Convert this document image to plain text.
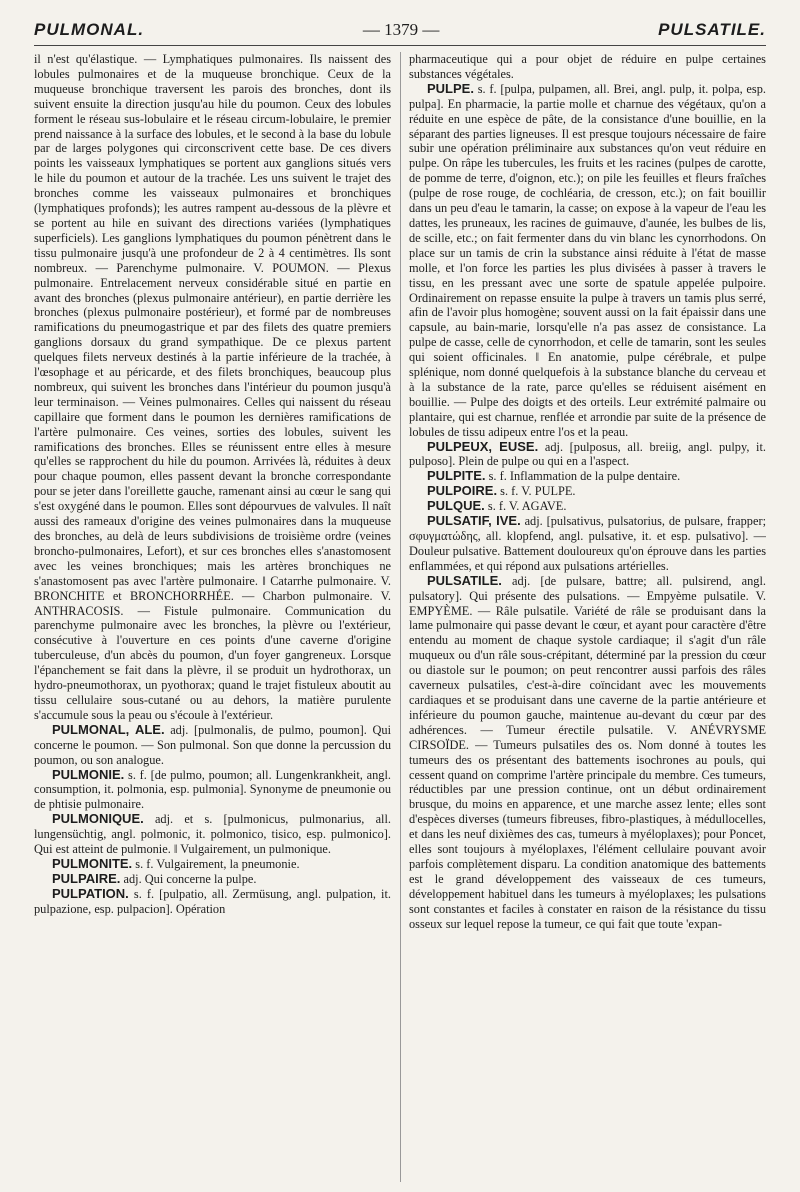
PULMONAL.	— 1379 —	PULSATILE.

il n'est qu'élastique. — Lymphatiques pulmonaires. Ils naissent des lobules pulmonaires et de la muqueuse bronchique. Ceux de la muqueuse bronchique traversent les parois des bronches, dont ils suivent ensuite la direction jusqu'au hile du poumon. Ceux des lobules forment le réseau sus-lobulaire et le réseau circum-lobulaire, le premier prend naissance à la surface des lobules, et le second à la base du lobule par de larges polygones qui circonscrivent cette base. De ces divers points les vaisseaux lymphatiques se portent aux ganglions situés vers le hile du poumon et autour de la trachée. Les uns suivent le trajet des bronches comme les vaisseaux pulmonaires et bronchiques (lymphatiques profonds); les autres rampent au-dessous de la plèvre et se portent au hile en suivant des directions variées (lymphatiques superficiels). Les ganglions lymphatiques du poumon pénètrent dans le tissu pulmonaire jusqu'à une profondeur de 2 à 4 centimètres. Ils sont nombreux. — Parenchyme pulmonaire. V. POUMON. — Plexus pulmonaire. Entrelacement nerveux considérable situé en partie en avant des bronches (plexus pulmonaire antérieur), en partie derrière les bronches (plexus pulmonaire postérieur), et formé par de nombreuses ramifications du pneumogastrique et par des filets des quatre premiers ganglions dorsaux du grand sympathique. De ce plexus partent quelques filets nerveux destinés à la partie inférieure de la trachée, à l'œsophage et au péricarde, et des filets bronchiques, beaucoup plus nombreux, qui suivent les bronches dans l'intérieur du poumon jusqu'à leur terminaison. — Veines pulmonaires. Celles qui naissent du réseau capillaire que forment dans le poumon les dernières ramifications de l'artère pulmonaire. Ces veines, sorties des lobules, suivent les ramifications des bronches. Elles se réunissent entre elles à mesure qu'elles se rapprochent du hile du poumon. Arrivées là, réduites à deux pour chaque poumon, elles passent devant la bronche correspondante pour se jeter dans l'oreillette gauche, ramenant ainsi au cœur le sang qui s'est oxygéné dans le poumon. Elles sont dépourvues de valvules. Il naît aussi des rameaux d'origine des veines pulmonaires dans la muqueuse des bronches, au delà de leurs subdivisions de troisième ordre (veines broncho-pulmonaires, Lefort), et sur ces bronches elles s'anastomosent avec les veines bronchiques; mais les artères bronchiques ne s'anastomosent pas avec l'artère pulmonaire. ‖ Catarrhe pulmonaire. V. BRONCHITE et BRONCHORRHÉE. — Charbon pulmonaire. V. ANTHRACOSIS. — Fistule pulmonaire. Communication du parenchyme pulmonaire avec les bronches, la plèvre ou l'extérieur, consécutive à l'ouverture en ces points d'une caverne d'origine tuberculeuse, d'un abcès du poumon, d'un foyer gangreneux. Lorsque l'épanchement se fait dans la plèvre, il se produit un hydrothorax, un hydro-pneumothorax, un pyothorax; quand le trajet fistuleux aboutit au tissu cellulaire sous-cutané ou au dehors, la matière purulente s'accumule sous la peau ou s'écoule à l'extérieur.

PULMONAL, ALE. adj. [pulmonalis, de pulmo, poumon]. Qui concerne le poumon. — Son pulmonal. Son que donne la percussion du poumon, ou son analogue.

PULMONIE. s. f. [de pulmo, poumon; all. Lungenkrankheit, angl. consumption, it. polmonia, esp. pulmonia]. Synonyme de pneumonie ou de phtisie pulmonaire.

PULMONIQUE. adj. et s. [pulmonicus, pulmonarius, all. lungensüchtig, angl. polmonic, it. polmonico, tisico, esp. pulmonico]. Qui est atteint de pulmonie. ‖ Vulgairement, un pulmonique.

PULMONITE. s. f. Vulgairement, la pneumonie.

PULPAIRE. adj. Qui concerne la pulpe.

PULPATION. s. f. [pulpatio, all. Zermüsung, angl. pulpation, it. pulpazione, esp. pulpacion]. Opération

pharmaceutique qui a pour objet de réduire en pulpe certaines substances végétales.

PULPE. s. f. [pulpa, pulpamen, all. Brei, angl. pulp, it. polpa, esp. pulpa]. En pharmacie, la partie molle et charnue des végétaux, qu'on a réduite en une espèce de pâte, de la consistance d'une bouillie, en la séparant des parties ligneuses. Il est presque toujours nécessaire de faire subir une opération préliminaire aux substances qu'on veut réduire en pulpe. On râpe les tubercules, les fruits et les racines (pulpes de carotte, de pomme de terre, d'oignon, etc.); on pile les feuilles et fleurs fraîches (pulpe de rose rouge, de cochléaria, de cresson, etc.); on fait bouillir dans un peu d'eau le tamarin, la casse; on expose à la vapeur de l'eau les dattes, les pruneaux, les racines de guimauve, d'aunée, les bulbes de lis, de scille, etc.; on fait fermenter dans du vin blanc les cynorrhodons. On place sur un tamis de crin la substance ainsi réduite à l'état de masse molle, et l'on force les parties les plus divisées à passer à travers le tissu, en les pressant avec une sorte de spatule appelée pulpoire. Ordinairement on repasse ensuite la pulpe à travers un tamis plus serré, afin de l'avoir plus homogène; souvent aussi on la fait épaissir dans une capsule, au bain-marie, lorsqu'elle n'a pas assez de consistance. La pulpe de casse, celle de cynorrhodon, et celle de tamarin, sont les seules qui soient officinales. ‖ En anatomie, pulpe cérébrale, et pulpe splénique, nom donné quelquefois à la substance blanche du cerveau et à la substance de la rate, parce qu'elles se réduisent aisément en bouillie. — Pulpe des doigts et des orteils. Leur extrémité palmaire ou plantaire, qui est charnue, renflée et arrondie par suite de la présence de lobules de tissu adipeux entre l'os et la peau.

PULPEUX, EUSE. adj. [pulposus, all. breiig, angl. pulpy, it. pulposo]. Plein de pulpe ou qui en a l'aspect.

PULPITE. s. f. Inflammation de la pulpe dentaire.

PULPOIRE. s. f. V. PULPE.

PULQUE. s. f. V. AGAVE.

PULSATIF, IVE. adj. [pulsativus, pulsatorius, de pulsare, frapper; σφυγματώδης, all. klopfend, angl. pulsative, it. et esp. pulsativo]. — Douleur pulsative. Battement douloureux qu'on éprouve dans les parties enflammées, et qui répond aux pulsations artérielles.

PULSATILE. adj. [de pulsare, battre; all. pulsirend, angl. pulsatory]. Qui présente des pulsations. — Empyème pulsatile. V. EMPYÈME. — Râle pulsatile. Variété de râle se produisant dans la lame pulmonaire qui passe devant le cœur, et ayant pour caractère d'être entendu au moment de chaque systole cardiaque; il s'agit d'un râle muqueux ou d'un râle sous-crépitant, déterminé par la pression du cœur ou diastole sur le poumon; on peut rencontrer aussi parfois des râles caverneux pulsatiles, c'est-à-dire coïncidant avec les mouvements cardiaques et se produisant dans une caverne de la partie antérieure et inférieure du poumon gauche, maintenue au-devant du cœur par des adhérences. — Tumeur érectile pulsatile. V. ANÉVRYSME CIRSOÏDE. — Tumeurs pulsatiles des os. Nom donné à toutes les tumeurs des os présentant des battements isochrones au pouls, qui cessent quand on comprime l'artère principale du membre. Ces tumeurs, réductibles par une pression continue, ont un début ordinairement brusque, du moins en apparence, et une marche assez lente; elles sont d'espèces diverses (tumeurs fibreuses, fibro-plastiques, à médullocelles, et dans les neuf dixièmes des cas, tumeurs à myéloplaxes); pour Poncet, elles sont toujours à myéloplaxes, l'élément cellulaire pouvant avoir parfois complètement disparu. La condition anatomique des battements est le grand développement des vaisseaux de ces tumeurs, développement habituel dans les tumeurs à myéloplaxes; les pulsations sont constantes et faciles à constater en raison de la résistance du tissu osseux sur lequel repose la tumeur, ce qui fait que toute 'expan-
